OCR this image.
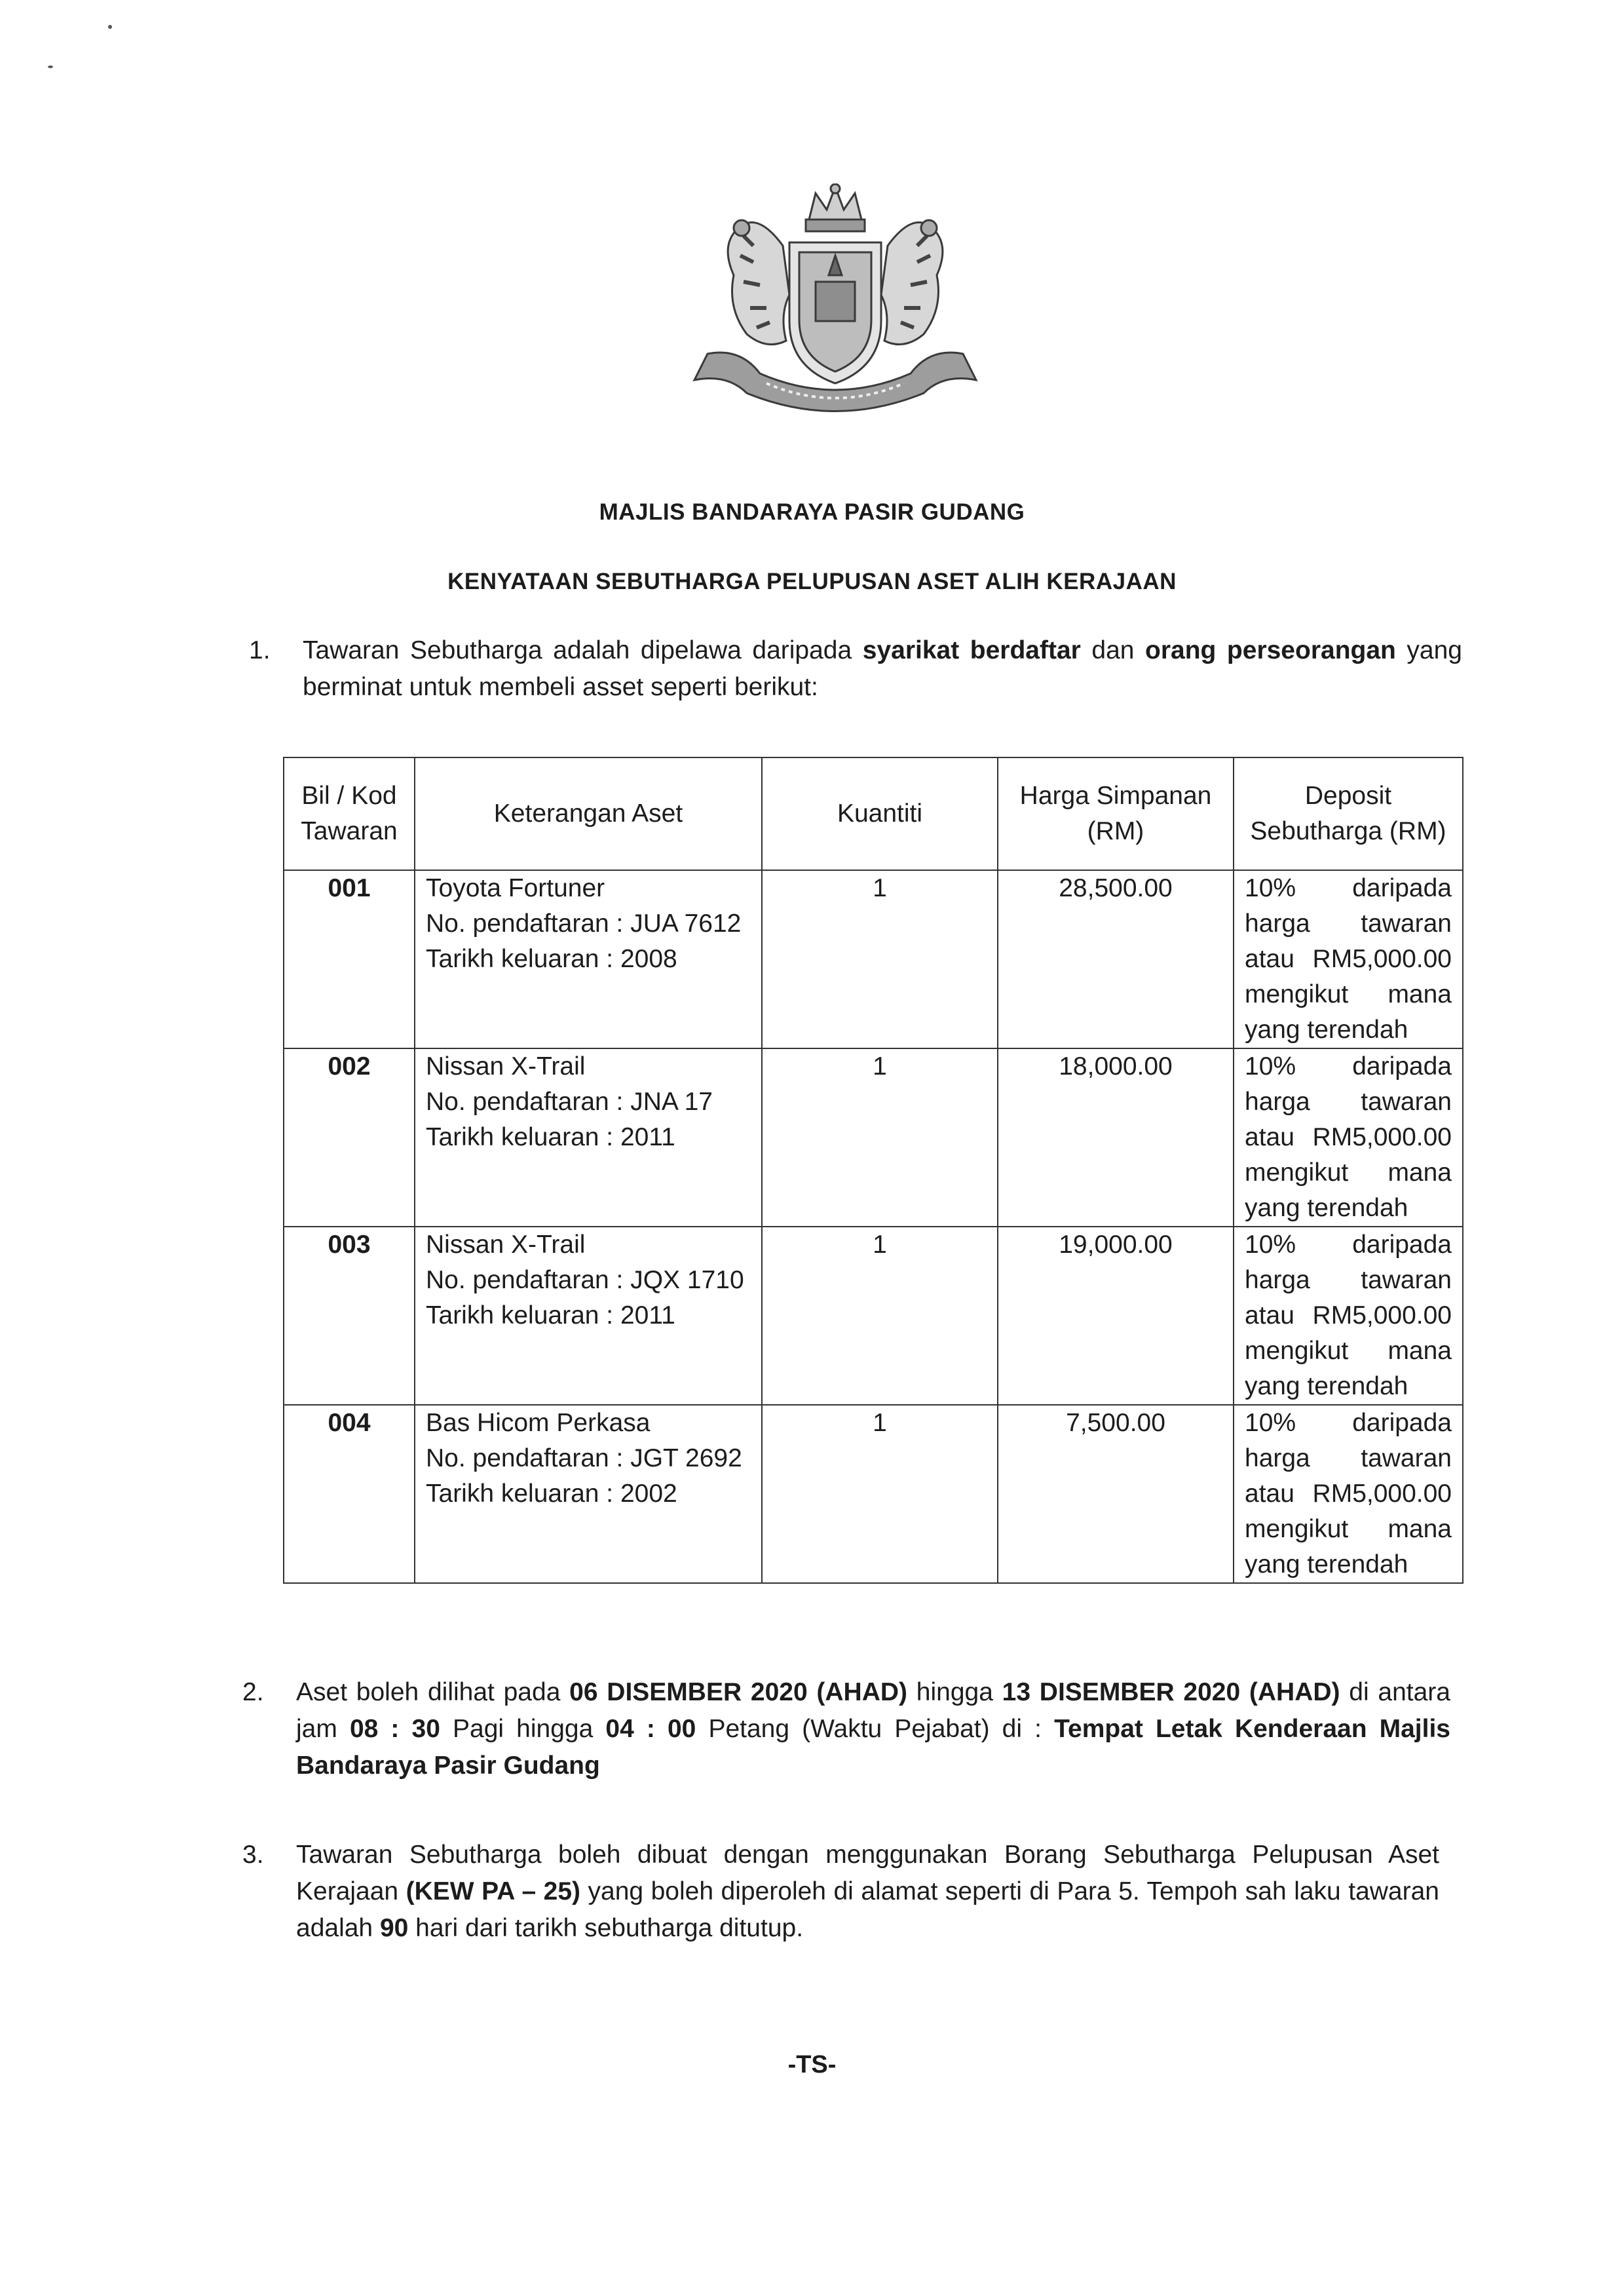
MAJLIS BANDARAYA PASIR GUDANG
KENYATAAN SEBUTHARGA PELUPUSAN ASET ALIH KERAJAAN
1. Tawaran Sebutharga adalah dipelawa daripada syarikat berdaftar dan orang perseorangan yang berminat untuk membeli asset seperti berikut:
Bil / Kod Tawaran	Keterangan Aset	Kuantiti	Harga Simpanan (RM)	Deposit Sebutharga (RM)
001	Toyota Fortuner
No. pendaftaran : JUA 7612
Tarikh keluaran : 2008	1	28,500.00	10% daripada harga tawaran atau RM5,000.00 mengikut mana yang terendah
002	Nissan X-Trail
No. pendaftaran : JNA 17
Tarikh keluaran : 2011	1	18,000.00	10% daripada harga tawaran atau RM5,000.00 mengikut mana yang terendah
003	Nissan X-Trail
No. pendaftaran : JQX 1710
Tarikh keluaran : 2011	1	19,000.00	10% daripada harga tawaran atau RM5,000.00 mengikut mana yang terendah
004	Bas Hicom Perkasa
No. pendaftaran : JGT 2692
Tarikh keluaran : 2002	1	7,500.00	10% daripada harga tawaran atau RM5,000.00 mengikut mana yang terendah
2. Aset boleh dilihat pada 06 DISEMBER 2020 (AHAD) hingga 13 DISEMBER 2020 (AHAD) di antara jam 08 : 30 Pagi hingga 04 : 00 Petang (Waktu Pejabat) di : Tempat Letak Kenderaan Majlis Bandaraya Pasir Gudang
3. Tawaran Sebutharga boleh dibuat dengan menggunakan Borang Sebutharga Pelupusan Aset Kerajaan (KEW PA – 25) yang boleh diperoleh di alamat seperti di Para 5. Tempoh sah laku tawaran adalah 90 hari dari tarikh sebutharga ditutup.
-TS-
